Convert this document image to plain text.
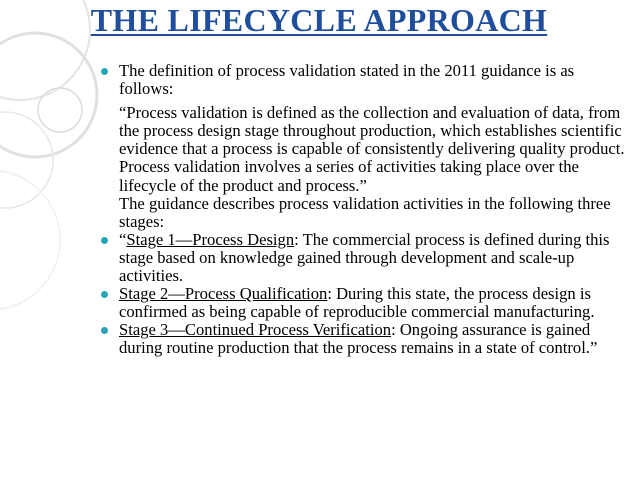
THE LIFECYCLE APPROACH

The definition of process validation stated in the 2011 guidance is as follows:

“Process validation is defined as the collection and evaluation of data, from the process design stage throughout production, which establishes scientific evidence that a process is capable of consistently delivering quality product. Process validation involves a series of activities taking place over the lifecycle of the product and process.”

The guidance describes process validation activities in the following three stages:

“Stage 1—Process Design: The commercial process is defined during this stage based on knowledge gained through development and scale-up activities.

Stage 2—Process Qualification: During this state, the process design is confirmed as being capable of reproducible commercial manufacturing.

Stage 3—Continued Process Verification: Ongoing assurance is gained during routine production that the process remains in a state of control.”
